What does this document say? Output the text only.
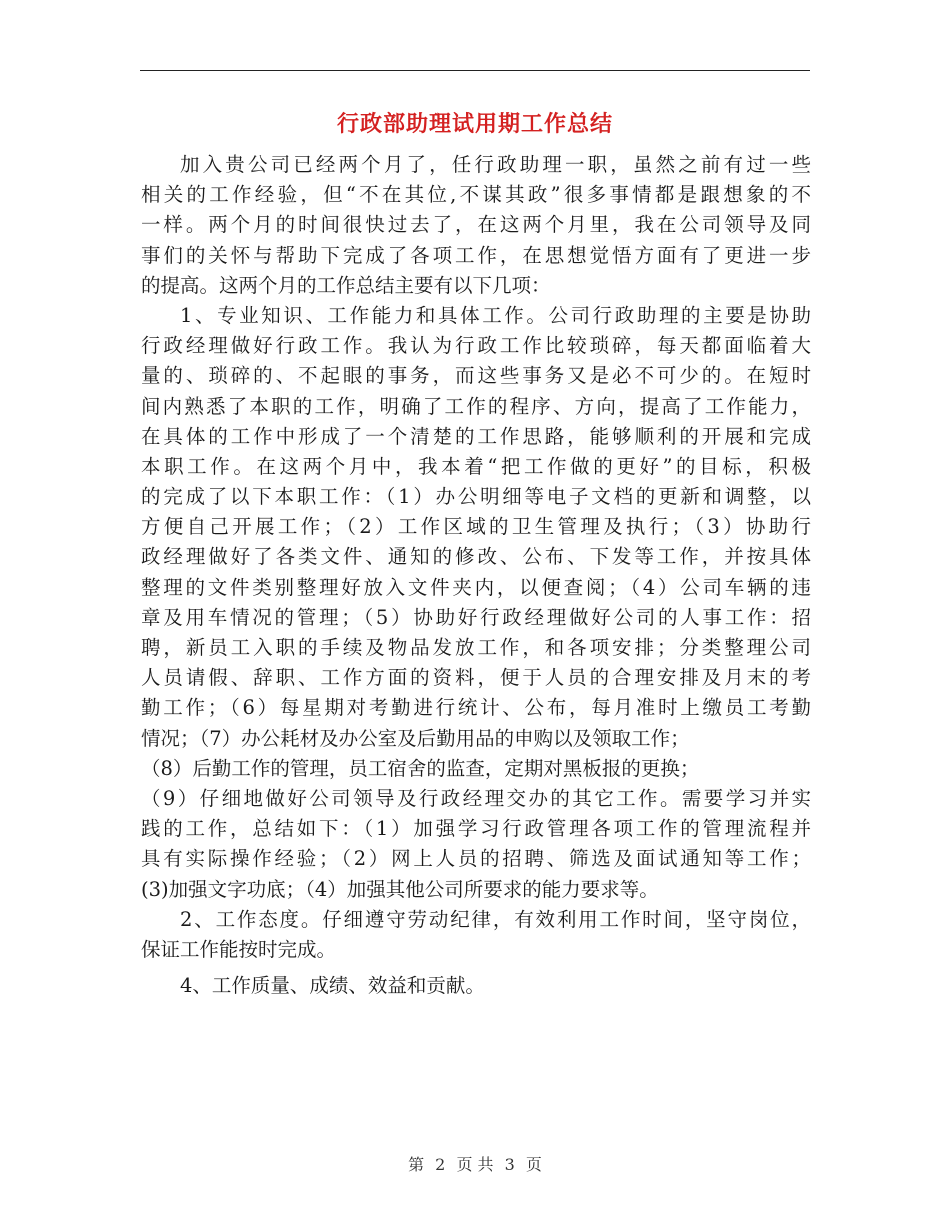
行政部助理试用期工作总结
加入贵公司已经两个月了，任行政助理一职，虽然之前有过一些
相关的工作经验，但“不在其位,不谋其政”很多事情都是跟想象的不
一样。两个月的时间很快过去了，在这两个月里，我在公司领导及同
事们的关怀与帮助下完成了各项工作，在思想觉悟方面有了更进一步
的提高。这两个月的工作总结主要有以下几项：
1、专业知识、工作能力和具体工作。公司行政助理的主要是协助
行政经理做好行政工作。我认为行政工作比较琐碎，每天都面临着大
量的、琐碎的、不起眼的事务，而这些事务又是必不可少的。在短时
间内熟悉了本职的工作，明确了工作的程序、方向，提高了工作能力，
在具体的工作中形成了一个清楚的工作思路，能够顺利的开展和完成
本职工作。在这两个月中，我本着“把工作做的更好”的目标，积极
的完成了以下本职工作：（1）办公明细等电子文档的更新和调整，以
方便自己开展工作；（2）工作区域的卫生管理及执行；（3）协助行
政经理做好了各类文件、通知的修改、公布、下发等工作，并按具体
整理的文件类别整理好放入文件夹内，以便查阅；（4）公司车辆的违
章及用车情况的管理；（5）协助好行政经理做好公司的人事工作：招
聘，新员工入职的手续及物品发放工作，和各项安排；分类整理公司
人员请假、辞职、工作方面的资料，便于人员的合理安排及月末的考
勤工作；（6）每星期对考勤进行统计、公布，每月准时上缴员工考勤
情况；（7）办公耗材及办公室及后勤用品的申购以及领取工作；
（8）后勤工作的管理，员工宿舍的监查，定期对黑板报的更换；
（9）仔细地做好公司领导及行政经理交办的其它工作。需要学习并实
践的工作，总结如下：（1）加强学习行政管理各项工作的管理流程并
具有实际操作经验；（2）网上人员的招聘、筛选及面试通知等工作；
(3)加强文字功底；（4）加强其他公司所要求的能力要求等。
2、工作态度。仔细遵守劳动纪律，有效利用工作时间，坚守岗位，
保证工作能按时完成。
4、工作质量、成绩、效益和贡献。
第 2 页 共 3 页
